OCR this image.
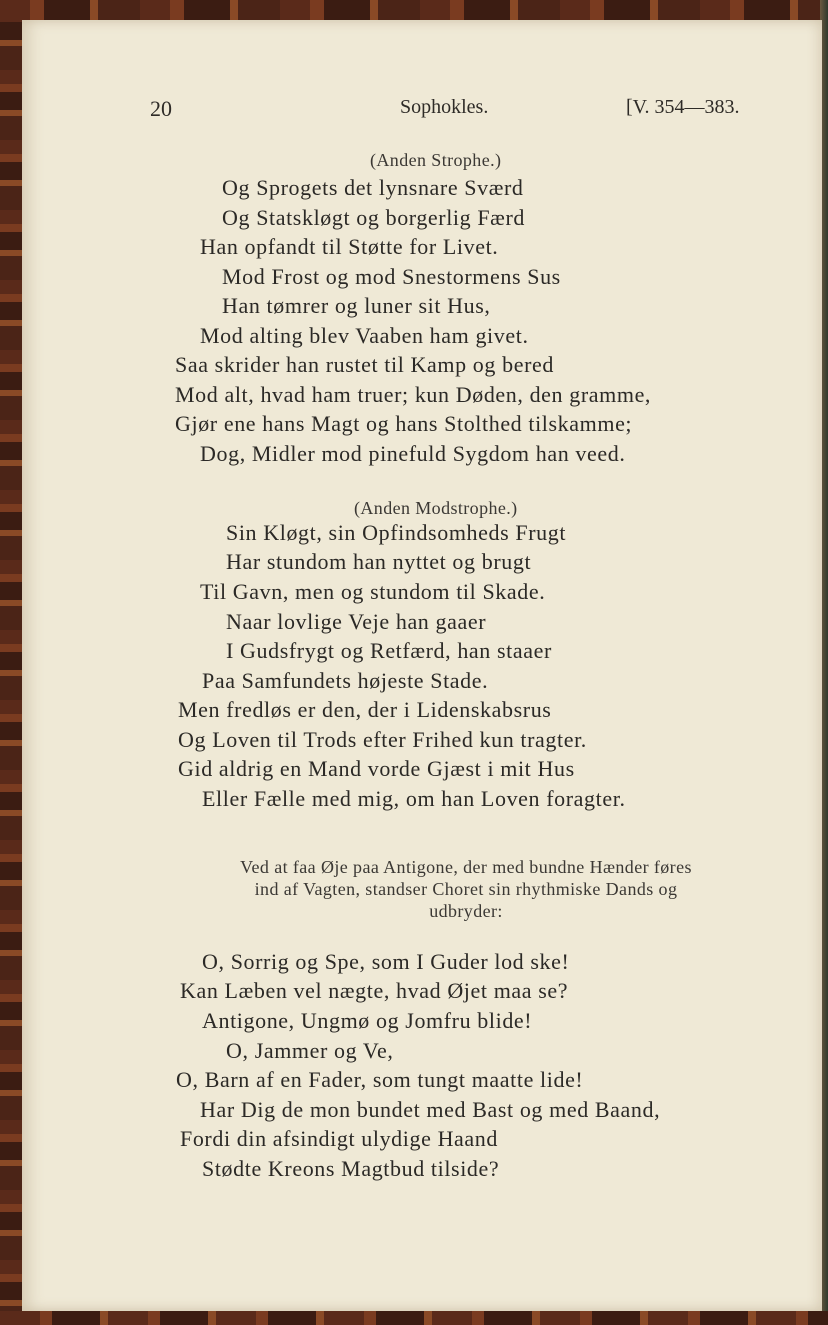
20	Sophokles.	[V. 354—383.
(Anden Strophe.)
Og Sprogets det lynsnare Sværd
Og Statskløgt og borgerlig Færd
Han opfandt til Støtte for Livet.
Mod Frost og mod Snestormens Sus
Han tømrer og luner sit Hus,
Mod alting blev Vaaben ham givet.
Saa skrider han rustet til Kamp og bered
Mod alt, hvad ham truer; kun Døden, den gramme,
Gjør ene hans Magt og hans Stolthed tilskamme;
Dog, Midler mod pinefuld Sygdom han veed.
(Anden Modstrophe.)
Sin Kløgt, sin Opfindsomheds Frugt
Har stundom han nyttet og brugt
Til Gavn, men og stundom til Skade.
Naar lovlige Veje han gaaer
I Gudsfrygt og Retfærd, han staaer
Paa Samfundets højeste Stade.
Men fredløs er den, der i Lidenskabsrus
Og Loven til Trods efter Frihed kun tragter.
Gid aldrig en Mand vorde Gjæst i mit Hus
Eller Fælle med mig, om han Loven foragter.
Ved at faa Øje paa Antigone, der med bundne Hænder føres
ind af Vagten, standser Choret sin rhythmiske Dands og
udbryder:
O, Sorrig og Spe, som I Guder lod ske!
Kan Læben vel nægte, hvad Øjet maa se?
Antigone, Ungmø og Jomfru blide!
O, Jammer og Ve,
O, Barn af en Fader, som tungt maatte lide!
Har Dig de mon bundet med Bast og med Baand,
Fordi din afsindigt ulydige Haand
Stødte Kreons Magtbud tilside?
